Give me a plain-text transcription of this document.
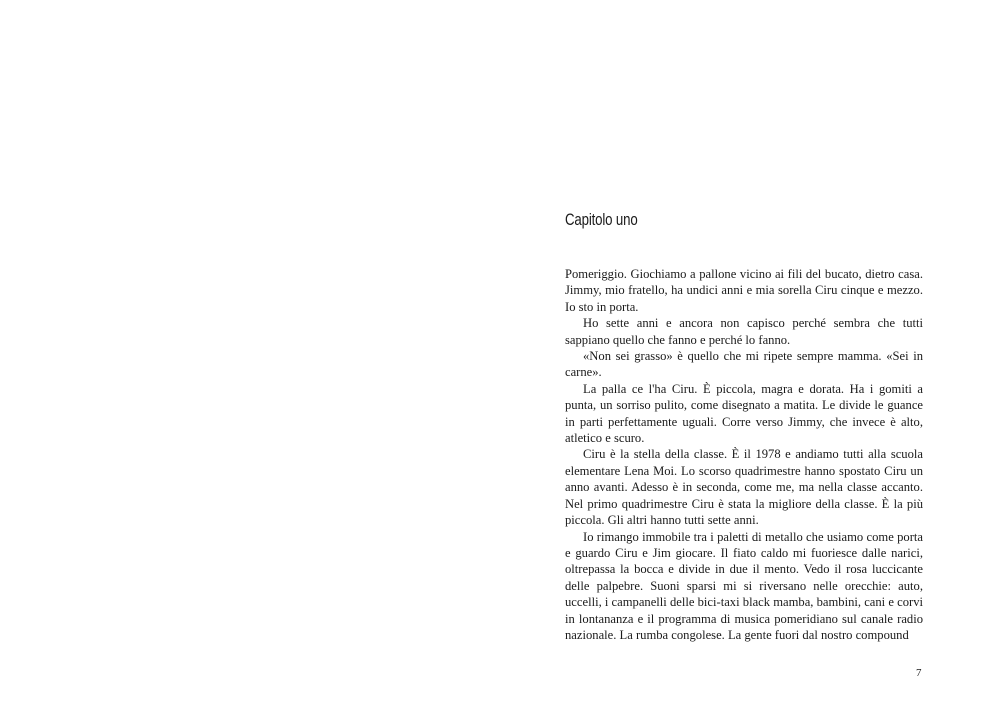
Capitolo uno

Pomeriggio. Giochiamo a pallone vicino ai fili del bucato, dietro casa. Jimmy, mio fratello, ha undici anni e mia sorella Ciru cinque e mezzo. Io sto in porta.

Ho sette anni e ancora non capisco perché sembra che tutti sappiano quello che fanno e perché lo fanno.

«Non sei grasso» è quello che mi ripete sempre mamma. «Sei in carne».

La palla ce l'ha Ciru. È piccola, magra e dorata. Ha i gomiti a punta, un sorriso pulito, come disegnato a matita. Le divide le guance in parti perfettamente uguali. Corre verso Jimmy, che invece è alto, atletico e scuro.

Ciru è la stella della classe. È il 1978 e andiamo tutti alla scuola elementare Lena Moi. Lo scorso quadrimestre hanno spostato Ciru un anno avanti. Adesso è in seconda, come me, ma nella classe accanto. Nel primo quadrimestre Ciru è stata la migliore della classe. È la più piccola. Gli altri hanno tutti sette anni.

Io rimango immobile tra i paletti di metallo che usiamo come porta e guardo Ciru e Jim giocare. Il fiato caldo mi fuoriesce dalle narici, oltrepassa la bocca e divide in due il mento. Vedo il rosa luccicante delle palpebre. Suoni sparsi mi si riversano nelle orecchie: auto, uccelli, i campanelli delle bici-taxi black mamba, bambini, cani e corvi in lontananza e il programma di musica pomeridiano sul canale radio nazionale. La rumba congolese. La gente fuori dal nostro compound

7
